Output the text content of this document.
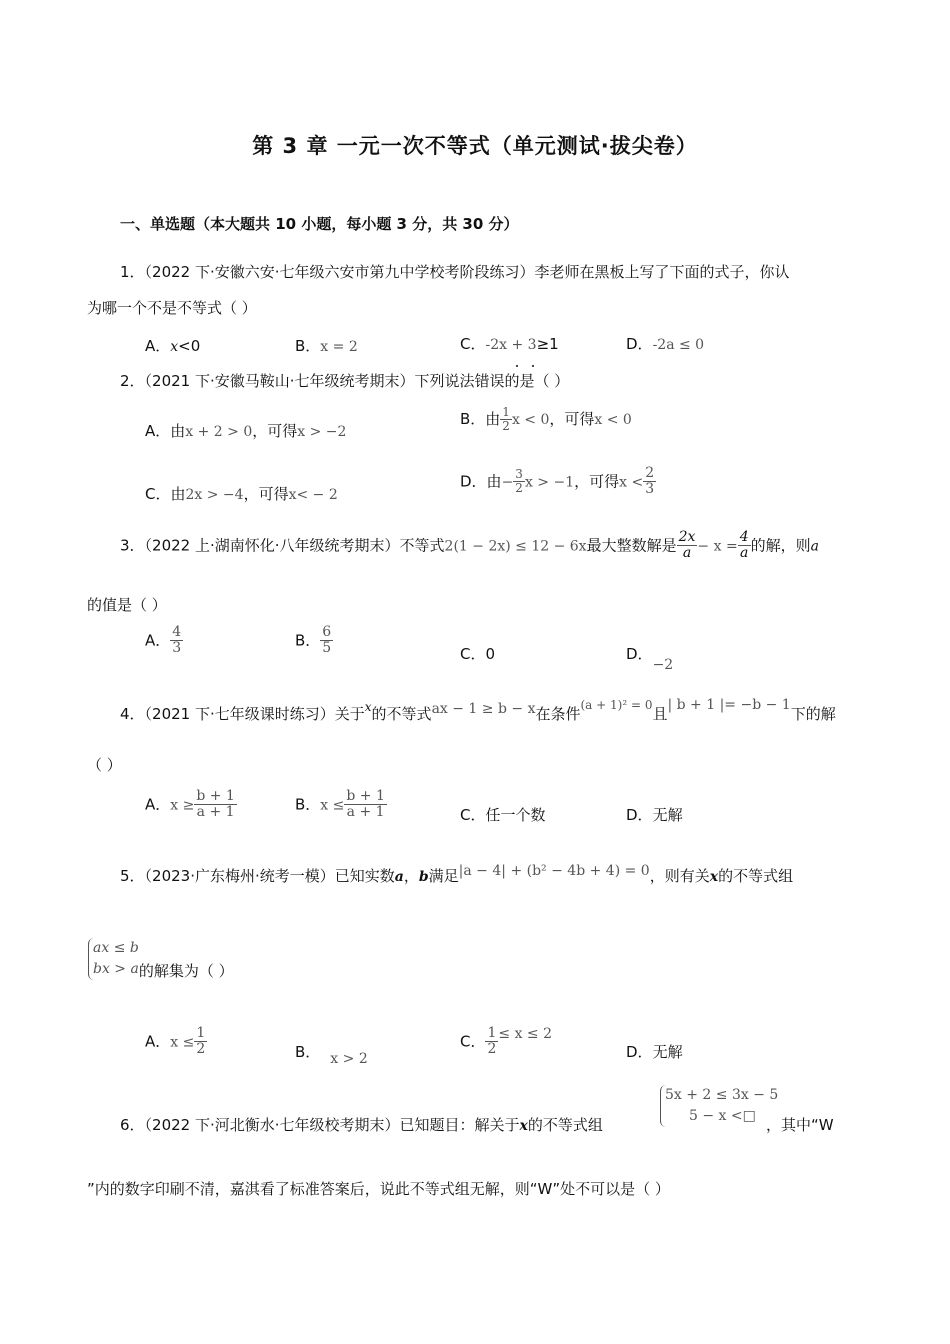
第 3 章 一元一次不等式（单元测试·拔尖卷）
一、单选题（本大题共 10 小题，每小题 3 分，共 30 分）
1．（2022 下·安徽六安·七年级六安市第九中学校考阶段练习）李老师在黑板上写了下面的式子，你认
为哪一个不是不等式（ ）
A．x<0	B．x = 2	C．-2x + 3≥1	D．-2a ≤ 0
2．（2021 下·安徽马鞍山·七年级统考期末）下列说法错误的是（ ）
A．由x + 2 > 0，可得x > −2
B．由 $\frac{1}{2}$ x < 0，可得x < 0
C．由2x > −4，可得x< − 2
D．由− $\frac{3}{2}$ x > −1，可得$x < \frac{2}{3}$
3．（2022 上·湖南怀化·八年级统考期末）不等式2(1 − 2x) ≤ 12 − 6x最大整数解是 $\frac{2x}{a} - x = \frac{4}{a}$ 的解，则a
的值是（ ）
A． $\frac{4}{3}$	B． $\frac{6}{5}$	C．0	D．−2
4．（2021 下·七年级课时练习）关于$^x$的不等式ax − 1 ≥ b − x在条件$^{(a + 1)^2 = 0}$且| b + 1 |= −b − 1下的解
（ ）
A．$x \ge \frac{b + 1}{a + 1}$	B．$x \le \frac{b + 1}{a + 1}$	C．任一个数	D．无解
5．（2023·广东梅州·统考一模）已知实数a，b满足|a − 4| + (b² − 4b + 4) = 0，则有关x的不等式组
ax ≤ b
bx > a 的解集为（ ）
A．$x \le \frac{1}{2}$	B． x > 2
C． $\frac{1}{2} \le x \le 2$
D．无解
6．（2022 下·河北衡水·七年级校考期末）已知题目：解关于x的不等式组
5x + 2 ≤ 3x − 5
5 − x <□ ，其中“W
”内的数字印刷不清，嘉淇看了标准答案后，说此不等式组无解，则“W”处不可以是（ ）
